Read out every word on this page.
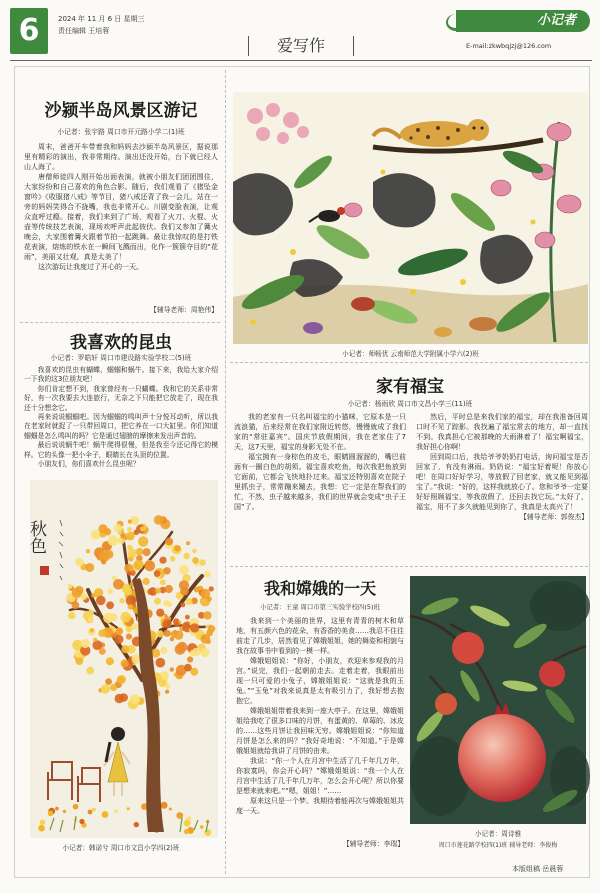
6	2024 年 11 月 6 日 星期三
责任编辑 王培蓉
爱写作
小记者
E-mail:zkwbqjzj@126.com
沙颍半岛风景区游记
小记者：张宇路 周口市开元路小学二(1)班

周末，爸爸开车带着我和妈妈去沙颍半岛风景区，据说那里有精彩的演出，我非常期待。演出还没开始，台下就已经人山人海了。

唐僧师徒四人刚开始出面表演，就被小朋友们团团围住，大家纷纷和自己喜欢的角色合影。随后，我们观看了《猪坠金窗吟》《收服猪八戒》等节目，猪八戒还背了我一会儿，站在一旁的妈妈笑得合不拢嘴，我也非常开心。川剧变脸表演，让观众直呼过瘾。接着，我们来到了广场，观看了火刀、火棍、火壶等传统技艺表演，现场欢呼声此起彼伏。我们又参加了篝火晚会，大家围着篝火跟着节拍一起跳舞。最让我惊叹的是打铁花表演，熔炼的铁水在一瞬间飞溅而出，化作一簇簇夺目的“花雨”，美丽又壮观，真是太美了！

这次游玩让我度过了开心的一天。

【辅导老师：周艳伟】
我喜欢的昆虫
小记者：罗皓轩 周口市建设路实验学校二(5)班

我喜欢的昆虫有蝴蝶、蝈蝈和蜗牛。接下来，我给大家介绍一下我的这3位朋友吧！

你们肯定想不到，我家曾经有一只蝴蝶。我和它的关系非常好，有一次我要去大连旅行，无奈之下只能把它放走了，现在我还十分想念它。

再来说说蝈蝈吧。因为蝈蝈的鸣叫声十分悦耳动听，所以我在老家时就捉了一只带回周口，把它养在一口大缸里。你们知道蝈蝈是怎么鸣叫的吗？它是通过翅膀的摩擦来发出声音的。

最后说说蜗牛吧！蜗牛爬得很慢，但是我至今还记得它的模样。它的头像一把小伞子，眼睛长在头顶的位置。

小朋友们，你们喜欢什么昆虫呢？

秋色
小记者：韩诺兮 周口市文昌小学四(2)班
小记者：师畅优 云南师范大学附属小学六(2)班
家有福宝
小记者：杨雨欣 周口市文昌小学三(11)班

我的老家有一只名叫福宝的小猫咪，它原本是一只流浪猫，后来经常在我们家附近转悠，慢慢就成了我们家的“常驻嘉宾”。国庆节放假期间，我在老家住了7天，这7天里，福宝的身影无处不在。

福宝拥有一身棕色的皮毛，眼睛圆溜溜的，嘴巴前面有一圈白色的胡须。福宝喜欢吃鱼，每次我把鱼放到它面前，它都会飞快地扑过来。福宝还特别喜欢在院子里抓虫子，常常蹦来蹦去，我想：它一定是在帮我们的忙，不然，虫子越来越多，我们的世界就会变成“虫子王国”了。

然后，平时总是来我们家的福宝，却在我准备回周口时不见了踪影。我找遍了福宝常去的地方，却一直找不到。我真担心它被那晚的大雨淋着了！福宝啊福宝，我好担心你啊！

回到周口后，我给爷爷奶奶打电话，询问福宝是否回家了，有没有淋雨。奶奶说：“福宝好着呢！你放心吧！在周口好好学习，等放假了回老家，就又能见到福宝了。”我说：“好的，这样我就放心了。您和爷爷一定要好好照顾福宝，等我放假了，还回去找它玩。”太好了，福宝，用不了多久就能见到你了，我真是太高兴了！

【辅导老师：郭俊杰】
我和嫦娥的一天
小记者：王童 周口市第三实验学校四(5)班

我来到一个美丽的世界，这里有青青的树木和草地，有五颜六色的花朵，有香香的美食……我忍不住往前走了几步，居然看见了嫦娥姐姐，她的舞姿和相貌与我在故事书中看到的一模一样。

嫦娥姐姐说：“你好，小朋友，欢迎来参观我的月宫。”说完，我们一起朝前走去。走着走着，我眼前出现一只可爱的小兔子，嫦娥姐姐说：“这就是我的玉兔。”“玉兔”对我来说真是太有吸引力了，我好想去抱抱它。

嫦娥姐姐带着我来到一座大亭子。在这里，嫦娥姐姐给我吃了很多口味的月饼，有蛋黄的、草莓的、冰皮的……这些月饼让我回味无穷。嫦娥姐姐说：“你知道月饼是怎么来的吗？”我好奇地说：“不知道。”于是嫦娥姐姐就给我讲了月饼的由来。

我说：“你一个人在月宫中生活了几千年几万年，你寂寞吗，你会开心吗？”嫦娥姐姐说：“我一个人在月宫中生活了几千年几万年，怎么会开心呢？所以你要是想来就来吧。”“嗯，姐姐！”……

原来这只是一个梦。我期待着能再次与嫦娥姐姐共度一天。

【辅导老师：李瑞】
小记者：周诗雅
周口市莲花路学校四(1)班 辅导老师：李俊梅
本版组稿 岳晨蓉
